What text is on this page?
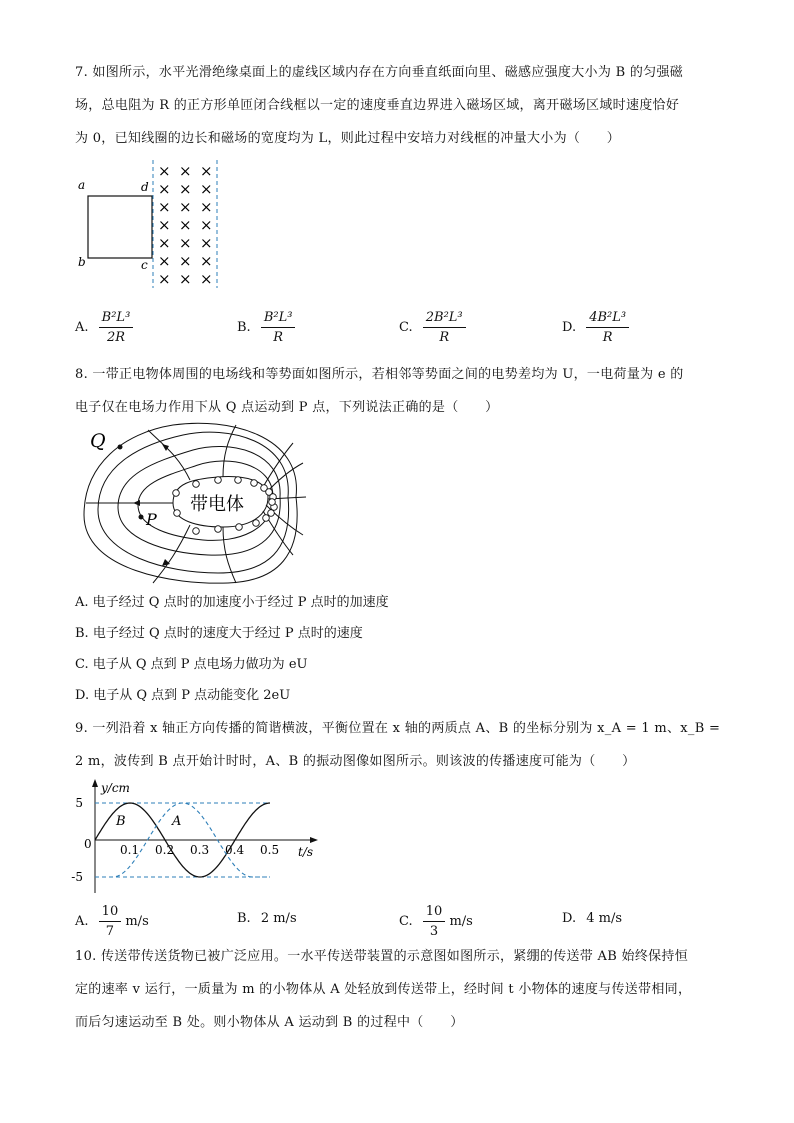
7. 如图所示，水平光滑绝缘桌面上的虚线区域内存在方向垂直纸面向里、磁感应强度大小为 B 的匀强磁
场，总电阻为 R 的正方形单匝闭合线框以一定的速度垂直边界进入磁场区域，离开磁场区域时速度恰好
为 0，已知线圈的边长和磁场的宽度均为 L，则此过程中安培力对线框的冲量大小为（　　）
a
b	c
d
× × ×
× × ×
× × ×
× × ×
× × ×
× × ×
× × ×
A. $\frac{\text{B²L³}}{2R}$	B. $\frac{\text{B²L³}}{R}$	C. $\frac{\text{2B²L³}}{R}$	D. $\frac{\text{4B²L³}}{R}$
8. 一带正电物体周围的电场线和等势面如图所示，若相邻等势面之间的电势差均为 U，一电荷量为 e 的
电子仅在电场力作用下从 Q 点运动到 P 点，下列说法正确的是（　　）
Q
P
带电体
A. 电子经过 Q 点时的加速度小于经过 P 点时的加速度
B. 电子经过 Q 点时的速度大于经过 P 点时的速度
C. 电子从 Q 点到 P 点电场力做功为 eU
D. 电子从 Q 点到 P 点动能变化 2eU
9. 一列沿着 x 轴正方向传播的简谐横波，平衡位置在 x 轴的两质点 A、B 的坐标分别为 x_A = 1 m、x_B =
2 m，波传到 B 点开始计时时，A、B 的振动图像如图所示。则该波的传播速度可能为（　　）
y/cm
t/s
0 0.1 0.2 0.3 0.4 0.5
5
-5
B	A
A. $\frac{10}{7} m/s$	B. 2 m/s	C. $\frac{10}{3} m/s$	D. 4 m/s
10. 传送带传送货物已被广泛应用。一水平传送带装置的示意图如图所示，紧绷的传送带 AB 始终保持恒
定的速率 v 运行，一质量为 m 的小物体从 A 处轻放到传送带上，经时间 t 小物体的速度与传送带相同，
而后匀速运动至 B 处。则小物体从 A 运动到 B 的过程中（　　）
